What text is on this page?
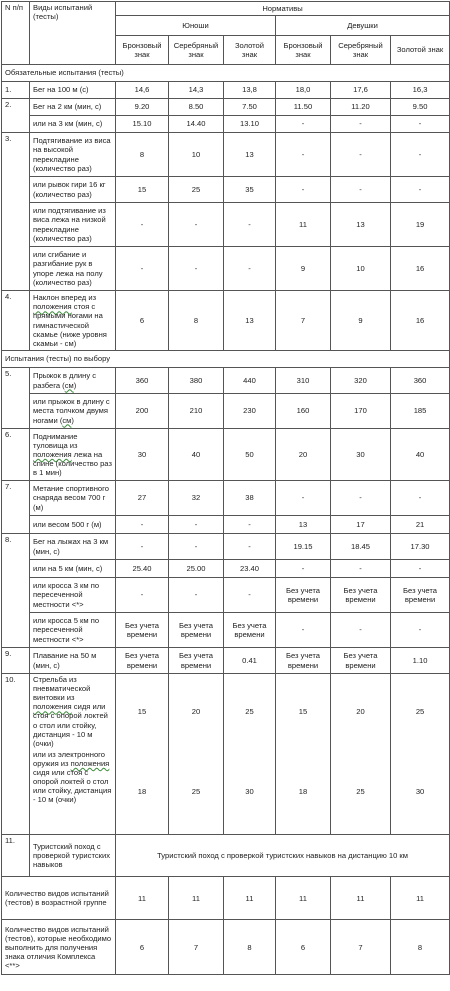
N п/п	Виды испытаний (тесты)	Нормативы					
		Юноши			Девушки		
		Бронзовый знак	Серебряный знак	Золотой знак	Бронзовый знак	Серебряный знак	Золотой знак
Обязательные испытания (тесты)							
1.	Бег на 100 м (с)	14,6	14,3	13,8	18,0	17,6	16,3
2.	Бег на 2 км (мин, с)	9.20	8.50	7.50	11.50	11.20	9.50
	или на 3 км (мин, с)	15.10	14.40	13.10	-	-	-
3.	Подтягивание из виса на высокой перекладине (количество раз)	8	10	13	-	-	-
	или рывок гири 16 кг (количество раз)	15	25	35	-	-	-
	или подтягивание из виса лежа на низкой перекладине (количество раз)	-	-	-	11	13	19
	или сгибание и разгибание рук в упоре лежа на полу (количество раз)	-	-	-	9	10	16
4.	Наклон вперед из положения стоя с прямыми ногами на гимнастической скамье (ниже уровня скамьи - см)	6	8	13	7	9	16
Испытания (тесты) по выбору							
5.	Прыжок в длину с разбега (см)	360	380	440	310	320	360
	или прыжок в длину с места толчком двумя ногами (см)	200	210	230	160	170	185
6.	Поднимание туловища из положения лежа на спине (количество раз в 1 мин)	30	40	50	20	30	40
7.	Метание спортивного снаряда весом 700 г (м)	27	32	38	-	-	-
	или весом 500 г (м)	-	-	-	13	17	21
8.	Бег на лыжах на 3 км (мин, с)	-	-	-	19.15	18.45	17.30
	или на 5 км (мин, с)	25.40	25.00	23.40	-	-	-
	или кросса 3 км по пересеченной местности <*>	-	-	-	Без учета времени	Без учета времени	Без учета времени
	или кросса 5 км по пересеченной местности <*>	Без учета времени	Без учета времени	Без учета времени	-	-	-
9.	Плавание на 50 м (мин, с)	Без учета времени	Без учета времени	0.41	Без учета времени	Без учета времени	1.10
10.	Стрельба из пневматической винтовки из положения сидя или стоя с опорой локтей о стол или стойку, дистанция - 10 м (очки)	15	20	25	15	20	25
	или из электронного оружия из положения сидя или стоя с опорой локтей о стол или стойку, дистанция - 10 м (очки)	18	25	30	18	25	30
11.	Туристский поход с проверкой туристских навыков	Туристский поход с проверкой туристских навыков на дистанцию 10 км					
Количество видов испытаний (тестов) в возрастной группе		11	11	11	11	11	11
Количество видов испытаний (тестов), которые необходимо выполнить для получения знака отличия Комплекса <**>		6	7	8	6	7	8
